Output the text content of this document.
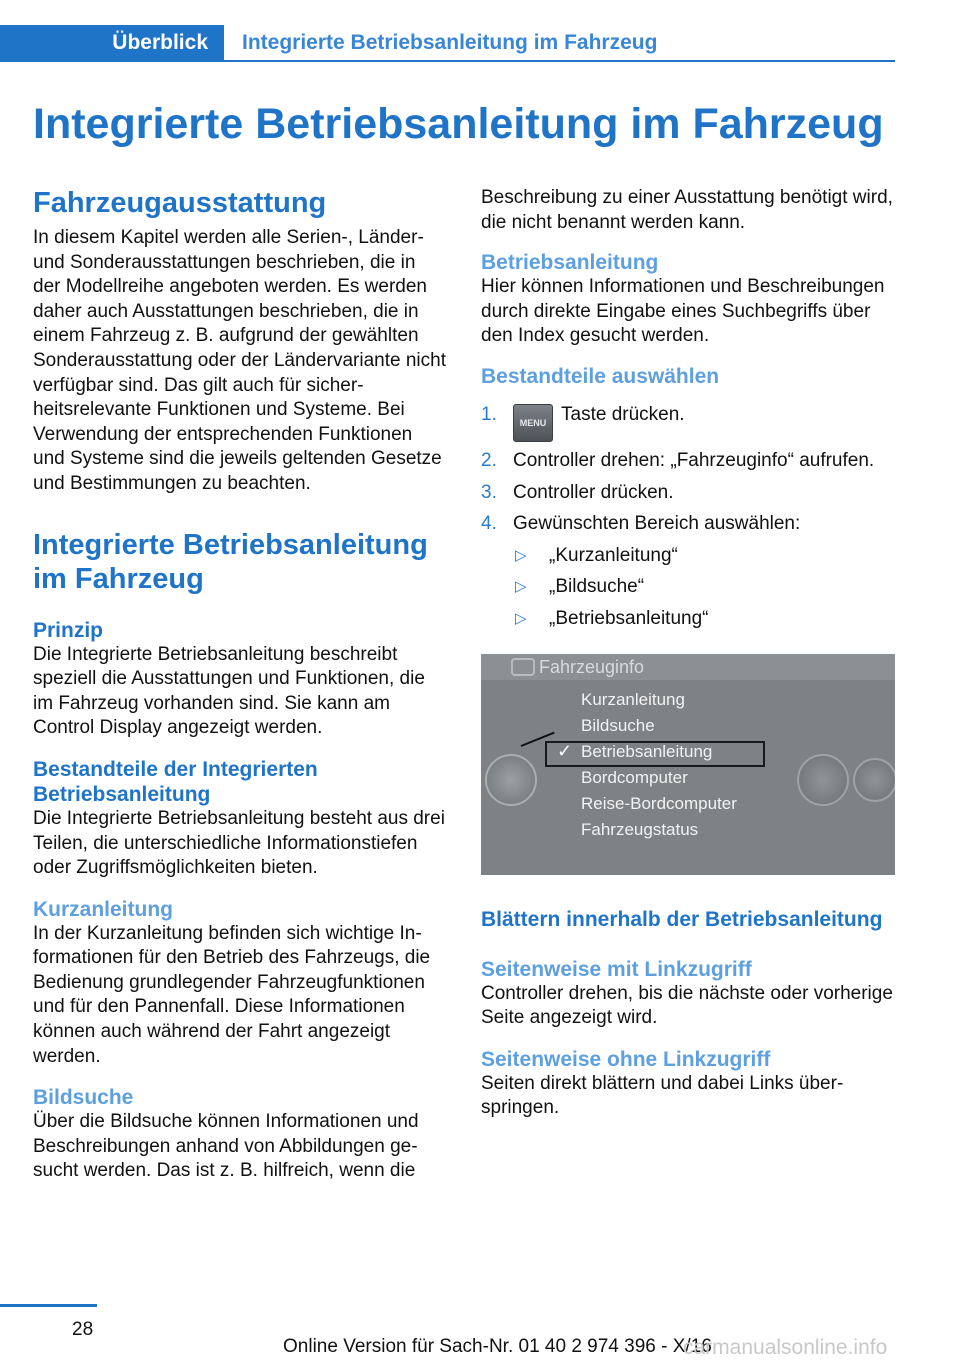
Überblick Integrierte Betriebsanleitung im Fahrzeug
Integrierte Betriebsanleitung im Fahrzeug

Fahrzeugausstattung

In diesem Kapitel werden alle Serien-, Länder- und Sonderausstattungen beschrieben, die in der Modellreihe angeboten werden. Es werden daher auch Ausstattungen beschrieben, die in einem Fahrzeug z. B. aufgrund der gewählten Sonderausstattung oder der Ländervariante nicht verfügbar sind. Das gilt auch für sicherheitsrelevante Funktionen und Systeme. Bei Verwendung der entsprechenden Funktionen und Systeme sind die jeweils geltenden Gesetze und Bestimmungen zu beachten.

Integrierte Betriebsanleitung im Fahrzeug

Prinzip

Die Integrierte Betriebsanleitung beschreibt speziell die Ausstattungen und Funktionen, die im Fahrzeug vorhanden sind. Sie kann am Control Display angezeigt werden.

Bestandteile der Integrierten Betriebsanleitung

Die Integrierte Betriebsanleitung besteht aus drei Teilen, die unterschiedliche Informationstiefen oder Zugriffsmöglichkeiten bieten.

Kurzanleitung

In der Kurzanleitung befinden sich wichtige Informationen für den Betrieb des Fahrzeugs, die Bedienung grundlegender Fahrzeugfunktionen und für den Pannenfall. Diese Informationen können auch während der Fahrt angezeigt werden.

Bildsuche

Über die Bildsuche können Informationen und Beschreibungen anhand von Abbildungen gesucht werden. Das ist z. B. hilfreich, wenn die

Beschreibung zu einer Ausstattung benötigt wird, die nicht benannt werden kann.

Betriebsanleitung

Hier können Informationen und Beschreibungen durch direkte Eingabe eines Suchbegriffs über den Index gesucht werden.

Bestandteile auswählen

1.	MENU Taste drücken.
2. Controller drehen: „Fahrzeuginfo“ aufrufen.
3. Controller drücken.
4. Gewünschten Bereich auswählen:
▷ „Kurzanleitung“
▷ „Bildsuche“
▷ „Betriebsanleitung“
Fahrzeuginfo
Kurzanleitung
Bildsuche
✓ Betriebsanleitung
Bordcomputer
Reise-Bordcomputer
Fahrzeugstatus

Blättern innerhalb der Betriebsanleitung

Seitenweise mit Linkzugriff

Controller drehen, bis die nächste oder vorherige Seite angezeigt wird.

Seitenweise ohne Linkzugriff

Seiten direkt blättern und dabei Links überspringen.

28
Online Version für Sach-Nr. 01 40 2 974 396 - X/16
carmanualsonline.info
